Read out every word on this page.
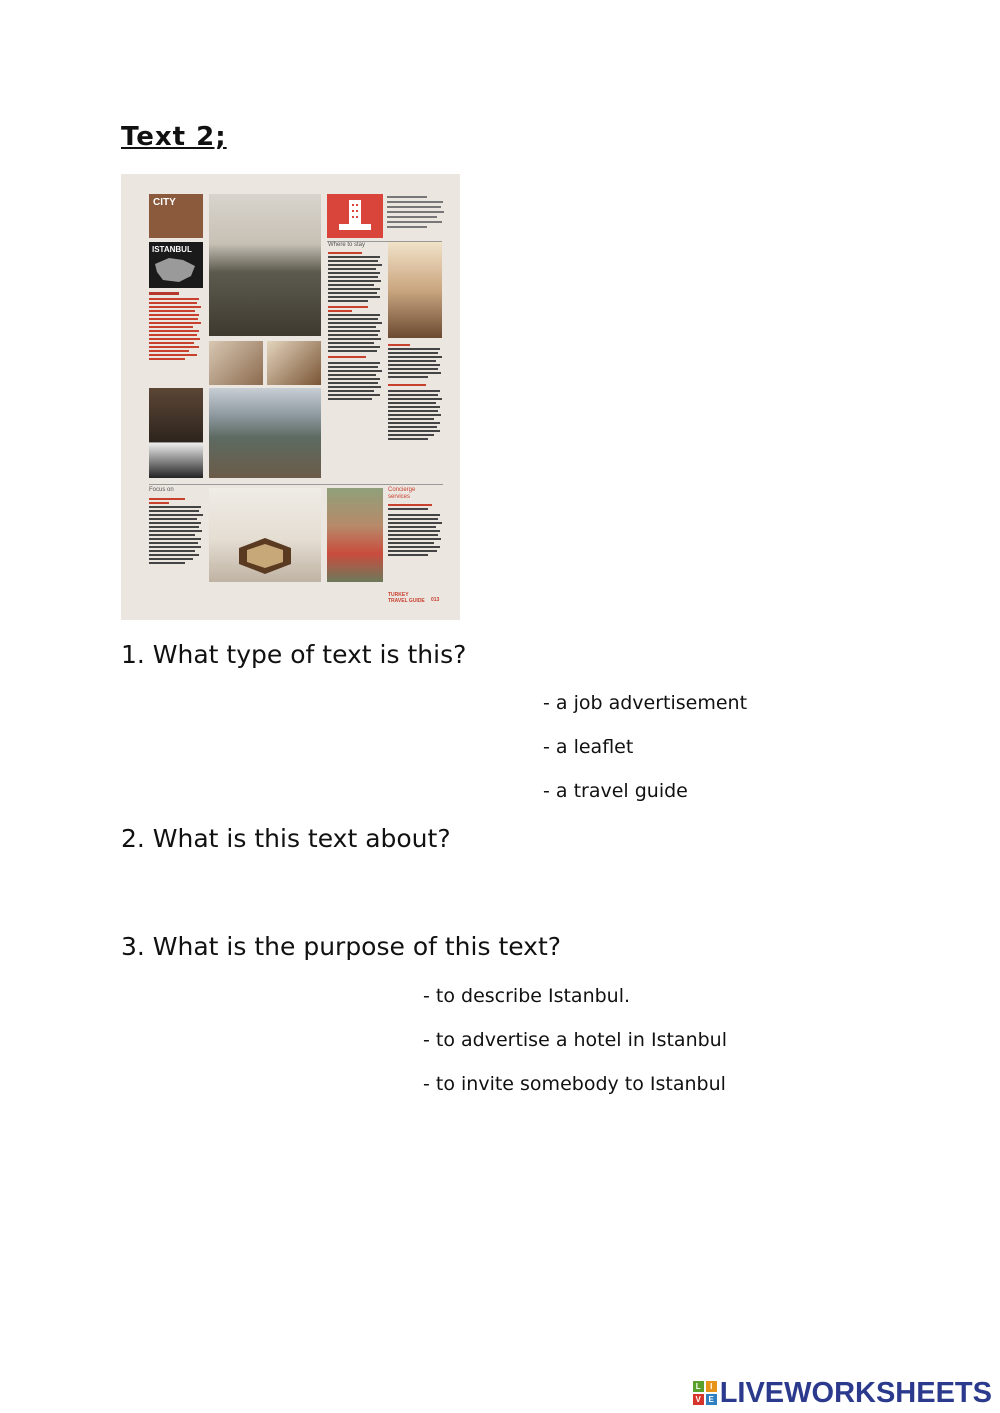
Text 2;
CITY
ISTANBUL	Where to stay
Focus on	Concierge services
TURKEY TRAVEL GUIDE	013
1. What type of text is this?
- a job advertisement
- a leaflet
- a travel guide
2. What is this text about?
3. What is the purpose of this text?
- to describe Istanbul.
- to advertise a hotel in Istanbul
- to invite somebody to Istanbul
L	I
V E LIVEWORKSHEETS
